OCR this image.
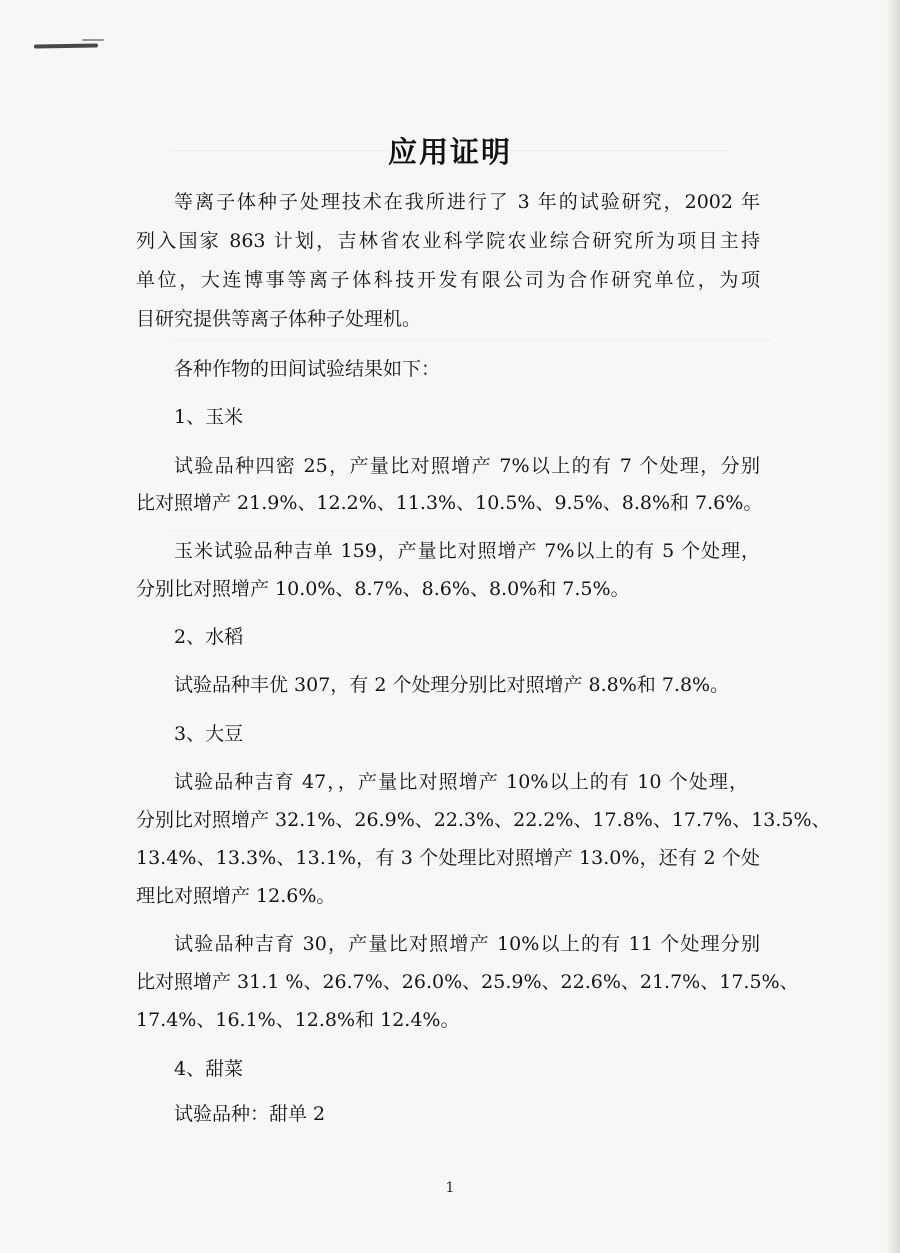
应用证明
等离子体种子处理技术在我所进行了 3 年的试验研究，2002 年
列入国家 863 计划，吉林省农业科学院农业综合研究所为项目主持
单位，大连博事等离子体科技开发有限公司为合作研究单位，为项
目研究提供等离子体种子处理机。
各种作物的田间试验结果如下：
1、玉米
试验品种四密 25，产量比对照增产 7%以上的有 7 个处理，分别
比对照增产 21.9%、12.2%、11.3%、10.5%、9.5%、8.8%和 7.6%。
玉米试验品种吉单 159，产量比对照增产 7%以上的有 5 个处理，
分别比对照增产 10.0%、8.7%、8.6%、8.0%和 7.5%。
2、水稻
试验品种丰优 307，有 2 个处理分别比对照增产 8.8%和 7.8%。
3、大豆
试验品种吉育 47，，产量比对照增产 10%以上的有 10 个处理，
分别比对照增产 32.1%、26.9%、22.3%、22.2%、17.8%、17.7%、13.5%、
13.4%、13.3%、13.1%，有 3 个处理比对照增产 13.0%，还有 2 个处
理比对照增产 12.6%。
试验品种吉育 30，产量比对照增产 10%以上的有 11 个处理分别
比对照增产 31.1 %、26.7%、26.0%、25.9%、22.6%、21.7%、17.5%、
17.4%、16.1%、12.8%和 12.4%。
4、甜菜
试验品种：甜单 2
1
